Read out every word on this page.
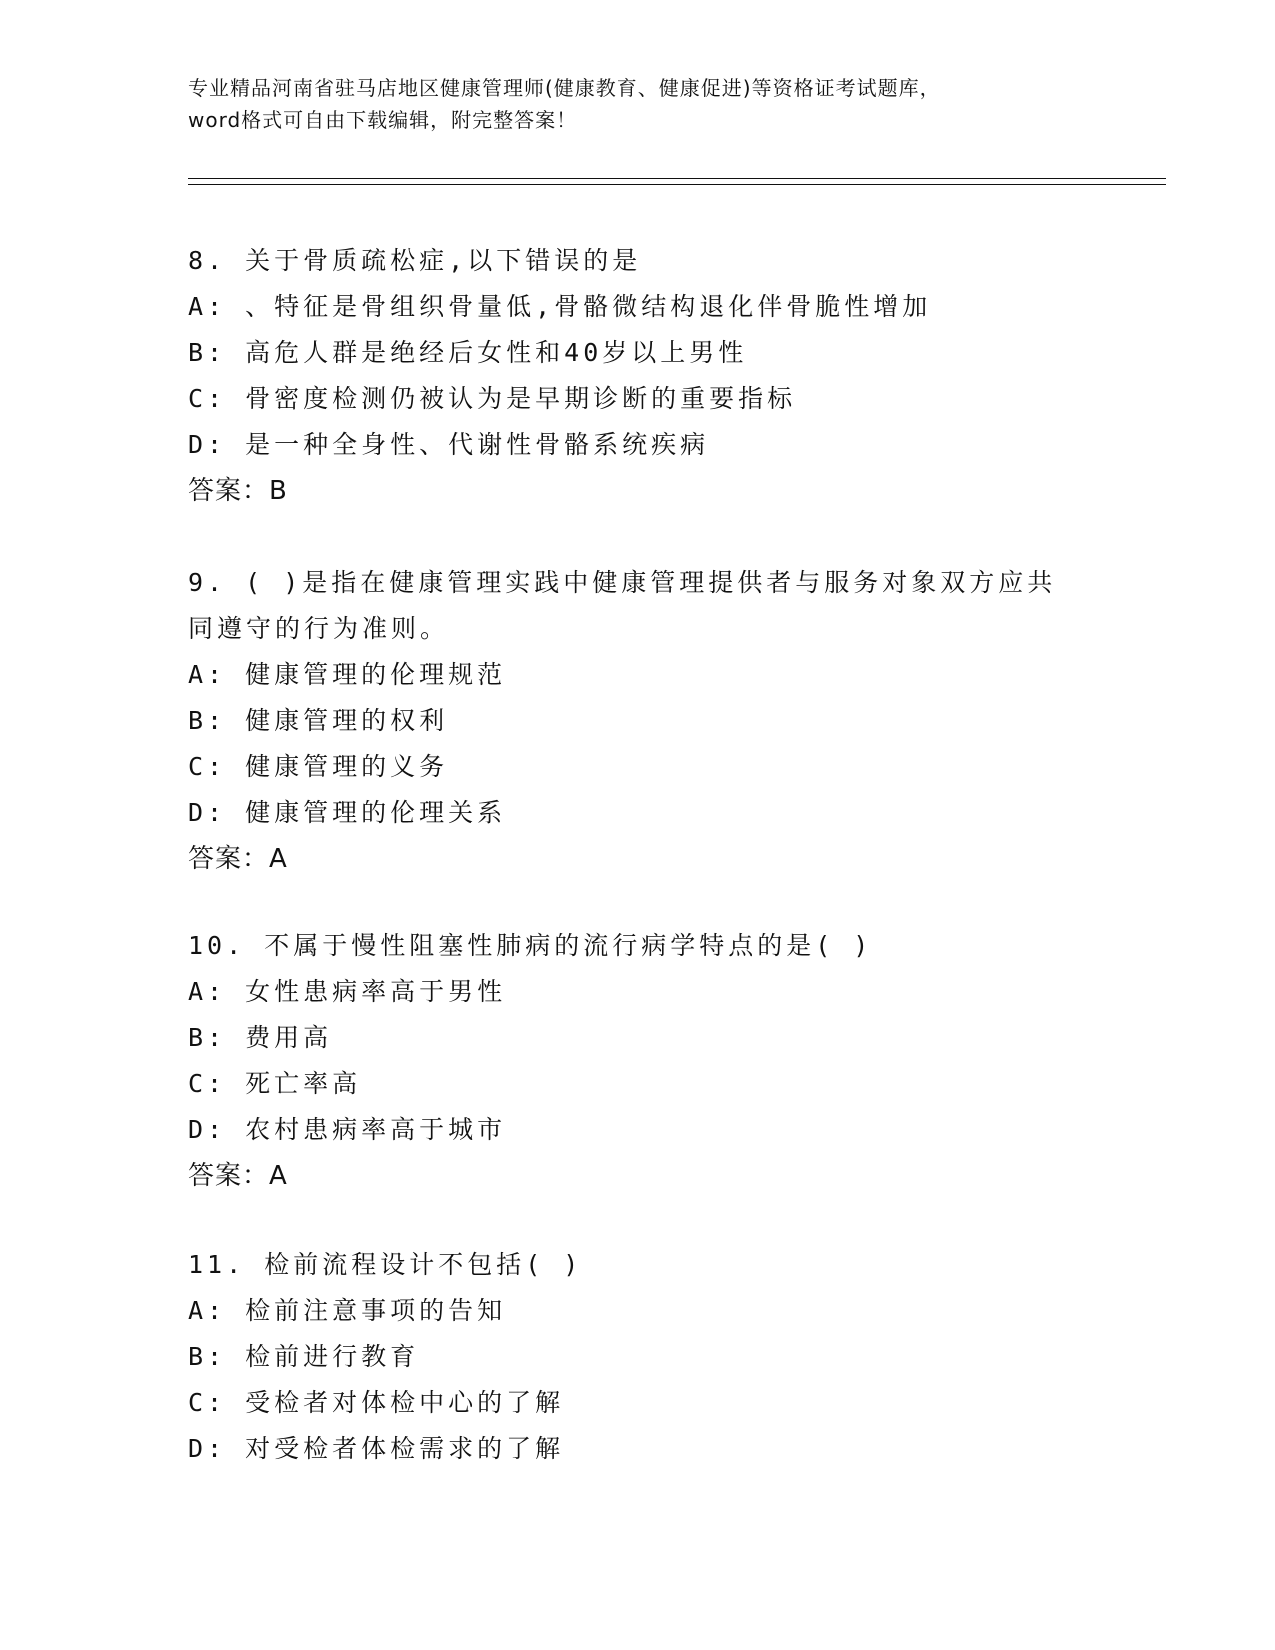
专业精品河南省驻马店地区健康管理师(健康教育、健康促进)等资格证考试题库，
word格式可自由下载编辑，附完整答案！
8. 关于骨质疏松症,以下错误的是
A: 、特征是骨组织骨量低,骨骼微结构退化伴骨脆性增加
B: 高危人群是绝经后女性和40岁以上男性
C: 骨密度检测仍被认为是早期诊断的重要指标
D: 是一种全身性、代谢性骨骼系统疾病
答案：B
9. ( )是指在健康管理实践中健康管理提供者与服务对象双方应共
同遵守的行为准则。
A: 健康管理的伦理规范
B: 健康管理的权利
C: 健康管理的义务
D: 健康管理的伦理关系
答案：A
10. 不属于慢性阻塞性肺病的流行病学特点的是( )
A: 女性患病率高于男性
B: 费用高
C: 死亡率高
D: 农村患病率高于城市
答案：A
11. 检前流程设计不包括( )
A: 检前注意事项的告知
B: 检前进行教育
C: 受检者对体检中心的了解
D: 对受检者体检需求的了解
